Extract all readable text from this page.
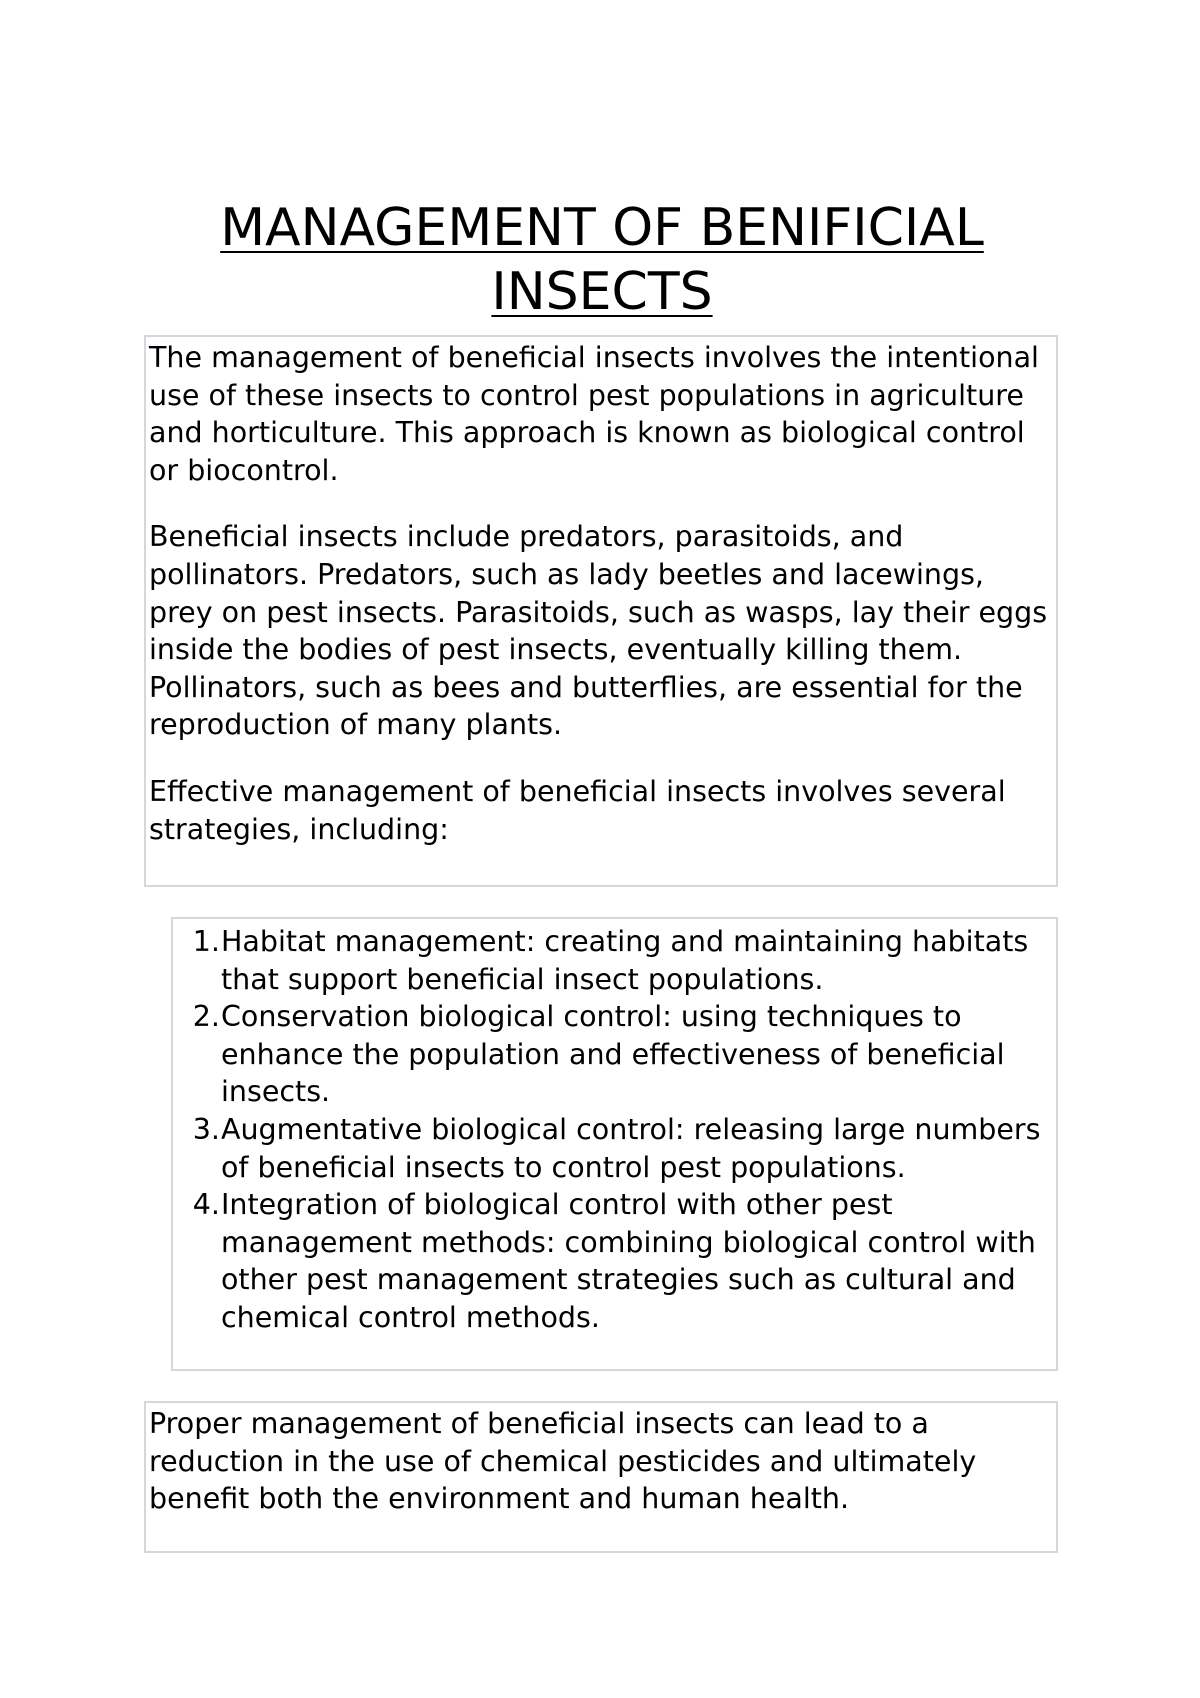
MANAGEMENT OF BENIFICIAL INSECTS

The management of beneficial insects involves the intentional use of these insects to control pest populations in agriculture and horticulture. This approach is known as biological control or biocontrol.

Beneficial insects include predators, parasitoids, and pollinators. Predators, such as lady beetles and lacewings, prey on pest insects. Parasitoids, such as wasps, lay their eggs inside the bodies of pest insects, eventually killing them. Pollinators, such as bees and butterflies, are essential for the reproduction of many plants.

Effective management of beneficial insects involves several strategies, including:

1. Habitat management: creating and maintaining habitats that support beneficial insect populations.
2. Conservation biological control: using techniques to enhance the population and effectiveness of beneficial insects.
3. Augmentative biological control: releasing large numbers of beneficial insects to control pest populations.
4. Integration of biological control with other pest management methods: combining biological control with other pest management strategies such as cultural and chemical control methods.

Proper management of beneficial insects can lead to a reduction in the use of chemical pesticides and ultimately benefit both the environment and human health.
